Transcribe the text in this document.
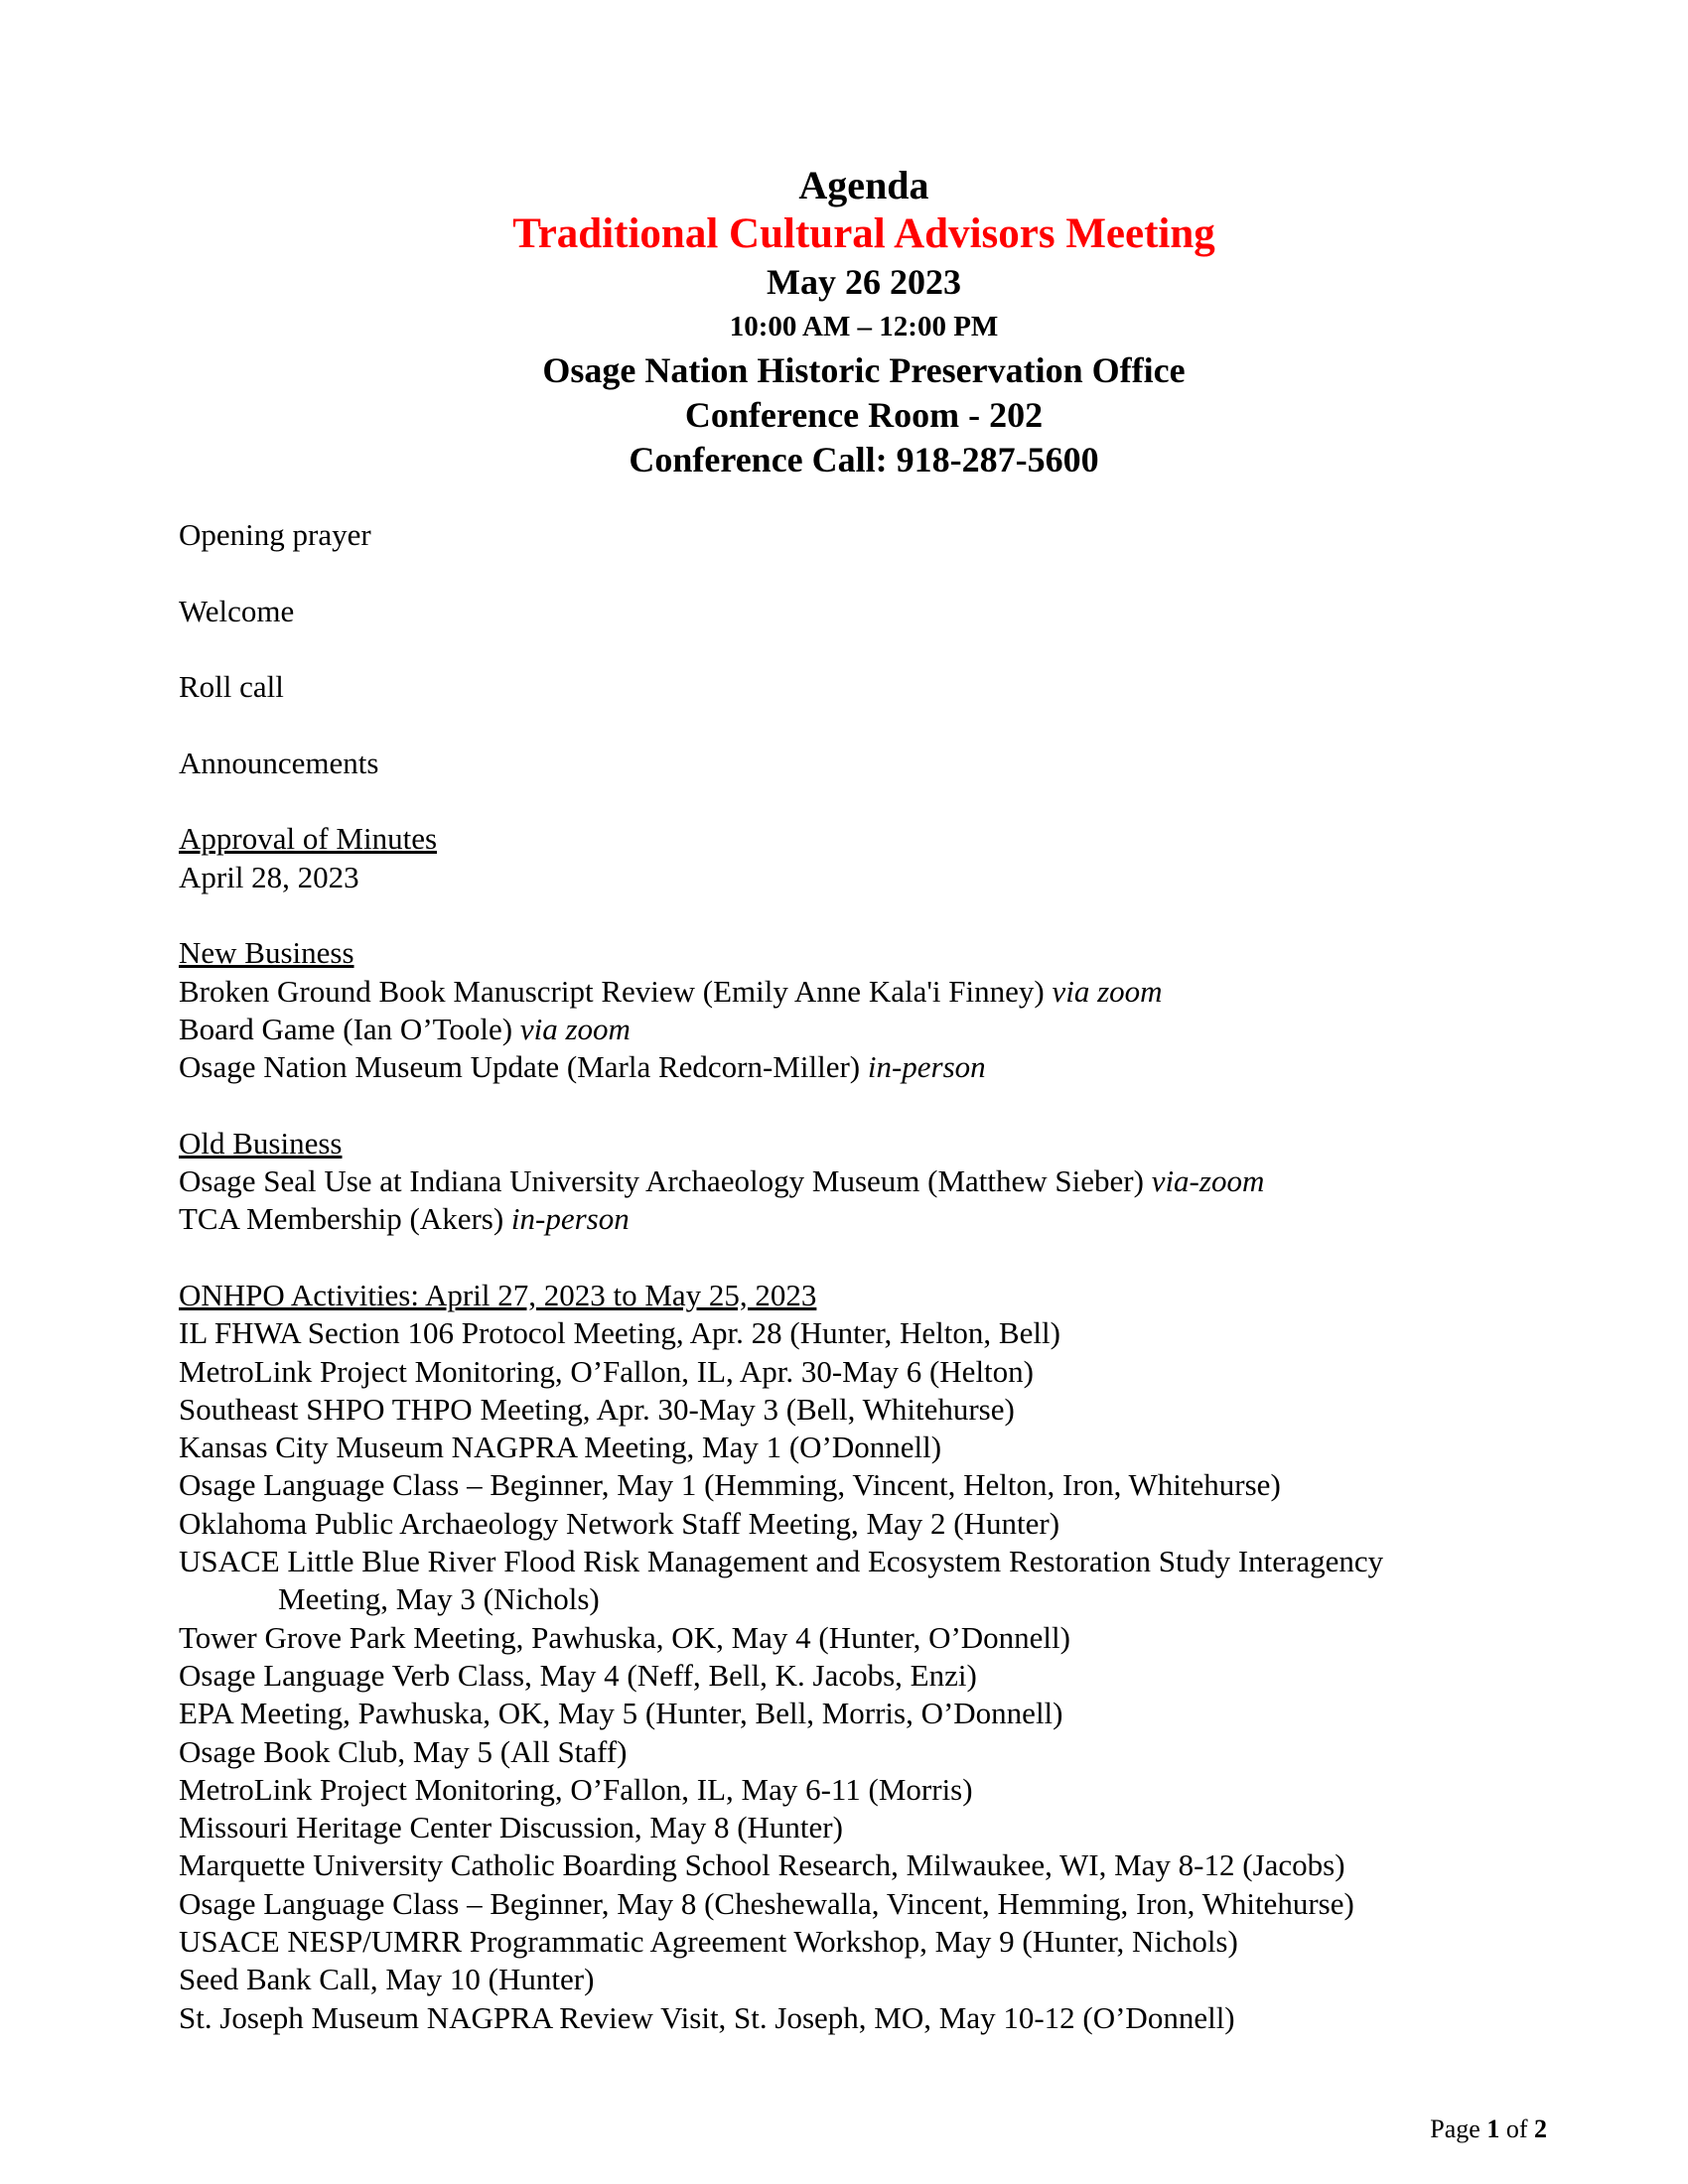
Agenda
Traditional Cultural Advisors Meeting
May 26 2023
10:00 AM – 12:00 PM
Osage Nation Historic Preservation Office
Conference Room - 202
Conference Call: 918-287-5600
Opening prayer
Welcome
Roll call
Announcements
Approval of Minutes
April 28, 2023
New Business
Broken Ground Book Manuscript Review (Emily Anne Kala'i Finney) via zoom
Board Game (Ian O’Toole) via zoom
Osage Nation Museum Update (Marla Redcorn-Miller) in-person
Old Business
Osage Seal Use at Indiana University Archaeology Museum (Matthew Sieber) via-zoom
TCA Membership (Akers) in-person
ONHPO Activities: April 27, 2023 to May 25, 2023
IL FHWA Section 106 Protocol Meeting, Apr. 28 (Hunter, Helton, Bell)
MetroLink Project Monitoring, O’Fallon, IL, Apr. 30-May 6 (Helton)
Southeast SHPO THPO Meeting, Apr. 30-May 3 (Bell, Whitehurse)
Kansas City Museum NAGPRA Meeting, May 1 (O’Donnell)
Osage Language Class – Beginner, May 1 (Hemming, Vincent, Helton, Iron, Whitehurse)
Oklahoma Public Archaeology Network Staff Meeting, May 2 (Hunter)
USACE Little Blue River Flood Risk Management and Ecosystem Restoration Study Interagency
Meeting, May 3 (Nichols)
Tower Grove Park Meeting, Pawhuska, OK, May 4 (Hunter, O’Donnell)
Osage Language Verb Class, May 4 (Neff, Bell, K. Jacobs, Enzi)
EPA Meeting, Pawhuska, OK, May 5 (Hunter, Bell, Morris, O’Donnell)
Osage Book Club, May 5 (All Staff)
MetroLink Project Monitoring, O’Fallon, IL, May 6-11 (Morris)
Missouri Heritage Center Discussion, May 8 (Hunter)
Marquette University Catholic Boarding School Research, Milwaukee, WI, May 8-12 (Jacobs)
Osage Language Class – Beginner, May 8 (Cheshewalla, Vincent, Hemming, Iron, Whitehurse)
USACE NESP/UMRR Programmatic Agreement Workshop, May 9 (Hunter, Nichols)
Seed Bank Call, May 10 (Hunter)
St. Joseph Museum NAGPRA Review Visit, St. Joseph, MO, May 10-12 (O’Donnell)
Page 1 of 2
